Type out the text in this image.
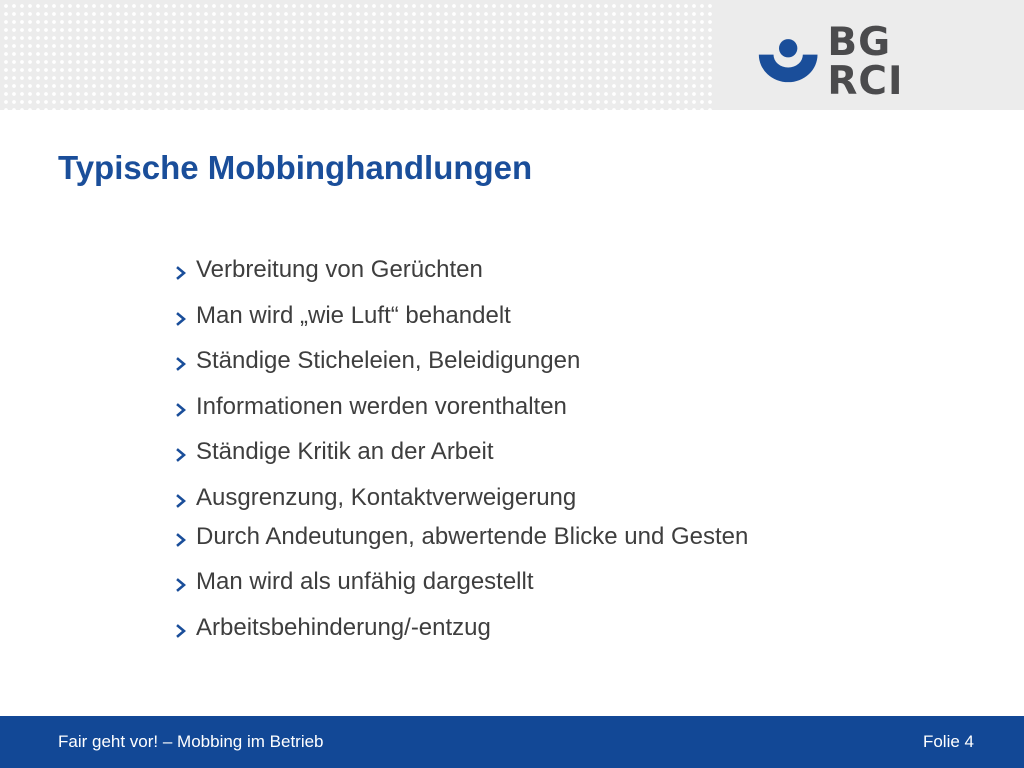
BG RCI
Typische Mobbinghandlungen
Verbreitung von Gerüchten
Man wird „wie Luft“ behandelt
Ständige Sticheleien, Beleidigungen
Informationen werden vorenthalten
Ständige Kritik an der Arbeit
Ausgrenzung, Kontaktverweigerung
Durch Andeutungen, abwertende Blicke und Gesten
Man wird als unfähig dargestellt
Arbeitsbehinderung/-entzug
Fair geht vor! – Mobbing im Betrieb	Folie 4
